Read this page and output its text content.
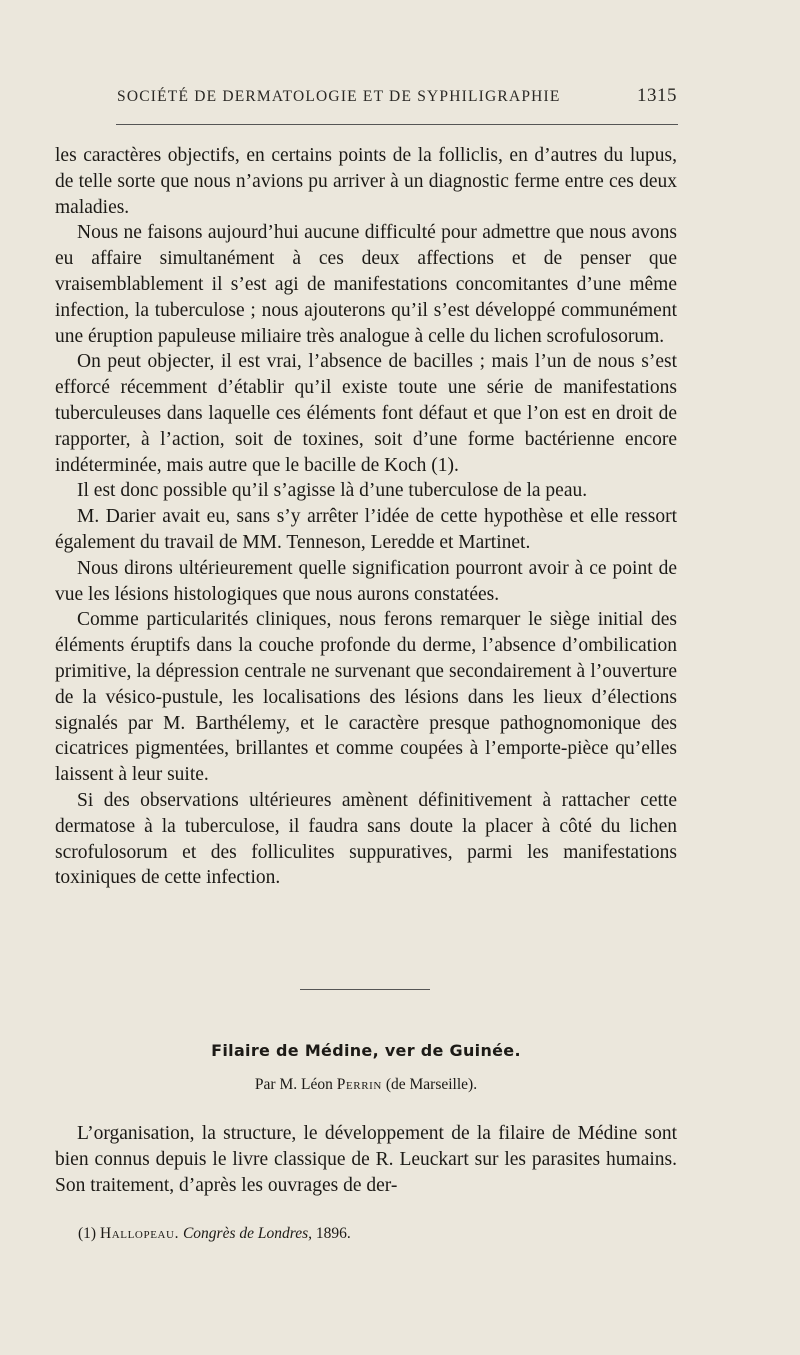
SOCIÉTÉ DE DERMATOLOGIE ET DE SYPHILIGRAPHIE	1315

les caractères objectifs, en certains points de la folliclis, en d’autres du lupus, de telle sorte que nous n’avions pu arriver à un diagnostic ferme entre ces deux maladies.

Nous ne faisons aujourd’hui aucune difficulté pour admettre que nous avons eu affaire simultanément à ces deux affections et de penser que vraisemblablement il s’est agi de manifestations concomitantes d’une même infection, la tuberculose ; nous ajouterons qu’il s’est développé communément une éruption papuleuse miliaire très analogue à celle du lichen scrofulosorum.

On peut objecter, il est vrai, l’absence de bacilles ; mais l’un de nous s’est efforcé récemment d’établir qu’il existe toute une série de manifestations tuberculeuses dans laquelle ces éléments font défaut et que l’on est en droit de rapporter, à l’action, soit de toxines, soit d’une forme bactérienne encore indéterminée, mais autre que le bacille de Koch (1).

Il est donc possible qu’il s’agisse là d’une tuberculose de la peau.

M. Darier avait eu, sans s’y arrêter l’idée de cette hypothèse et elle ressort également du travail de MM. Tenneson, Leredde et Martinet.

Nous dirons ultérieurement quelle signification pourront avoir à ce point de vue les lésions histologiques que nous aurons constatées.

Comme particularités cliniques, nous ferons remarquer le siège initial des éléments éruptifs dans la couche profonde du derme, l’absence d’ombilication primitive, la dépression centrale ne survenant que secondairement à l’ouverture de la vésico-pustule, les localisations des lésions dans les lieux d’élections signalés par M. Barthélemy, et le caractère presque pathognomonique des cicatrices pigmentées, brillantes et comme coupées à l’emporte-pièce qu’elles laissent à leur suite.

Si des observations ultérieures amènent définitivement à rattacher cette dermatose à la tuberculose, il faudra sans doute la placer à côté du lichen scrofulosorum et des folliculites suppuratives, parmi les manifestations toxiniques de cette infection.

Filaire de Médine, ver de Guinée.
Par M. Léon Perrin (de Marseille).

L’organisation, la structure, le développement de la filaire de Médine sont bien connus depuis le livre classique de R. Leuckart sur les parasites humains. Son traitement, d’après les ouvrages de der-

(1) Hallopeau. Congrès de Londres, 1896.
